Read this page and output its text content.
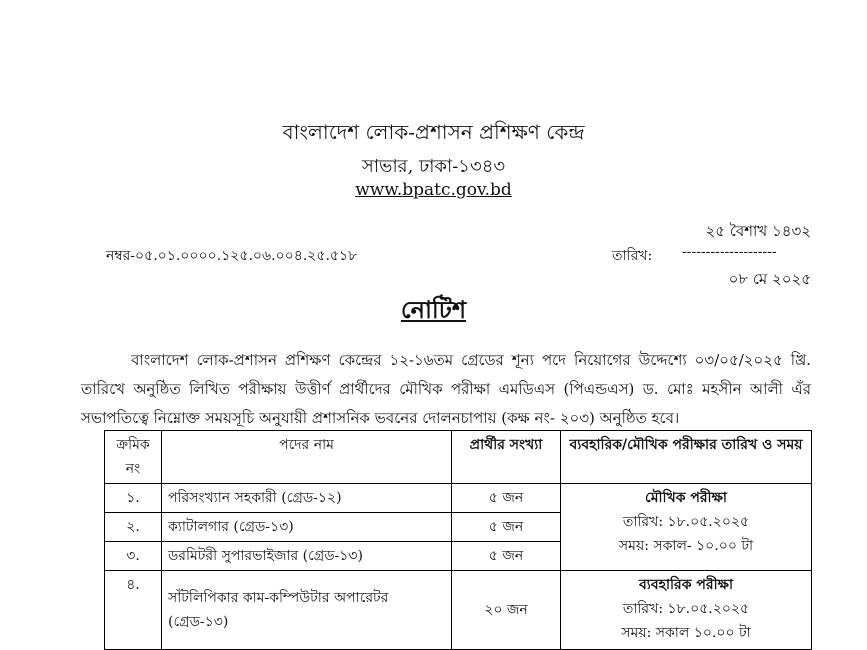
বাংলাদেশ লোক-প্রশাসন প্রশিক্ষণ কেন্দ্র
সাভার, ঢাকা-১৩৪৩
www.bpatc.gov.bd
২৫ বৈশাখ ১৪৩২
নম্বর-০৫.০১.০০০০.১২৫.০৬.০০৪.২৫.৫১৮	তারিখ: --------------------
০৮ মে ২০২৫
নোটিশ
বাংলাদেশ লোক-প্রশাসন প্রশিক্ষণ কেন্দ্রের ১২-১৬তম গ্রেডের শূন্য পদে নিয়োগের উদ্দেশ্যে ০৩/০৫/২০২৫ খ্রি. তারিখে অনুষ্ঠিত লিখিত পরীক্ষায় উত্তীর্ণ প্রার্থীদের মৌখিক পরীক্ষা এমডিএস (পিএন্ডএস) ড. মোঃ মহসীন আলী এঁর সভাপতিত্বে নিম্নোক্ত সময়সূচি অনুযায়ী প্রশাসনিক ভবনের দোলনচাপায় (কক্ষ নং- ২০৩) অনুষ্ঠিত হবে।
ক্রমিক নং	পদের নাম	প্রার্থীর সংখ্যা	ব্যবহারিক/মৌখিক পরীক্ষার তারিখ ও সময়
১.	পরিসংখ্যান সহকারী (গ্রেড-১২)	৫ জন	মৌখিক পরীক্ষা
তারিখ: ১৮.০৫.২০২৫
সময়: সকাল- ১০.০০ টা

২.	ক্যাটালগার (গ্রেড-১৩)	৫ জন	
৩.	ডরমিটরী সুপারভাইজার (গ্রেড-১৩)	৫ জন	
৪.	সাঁটলিপিকার কাম-কম্পিউটার অপারেটর (গ্রেড-১৩)	২০ জন	ব্যবহারিক পরীক্ষা
তারিখ: ১৮.০৫.২০২৫
সময়: সকাল ১০.০০ টা
